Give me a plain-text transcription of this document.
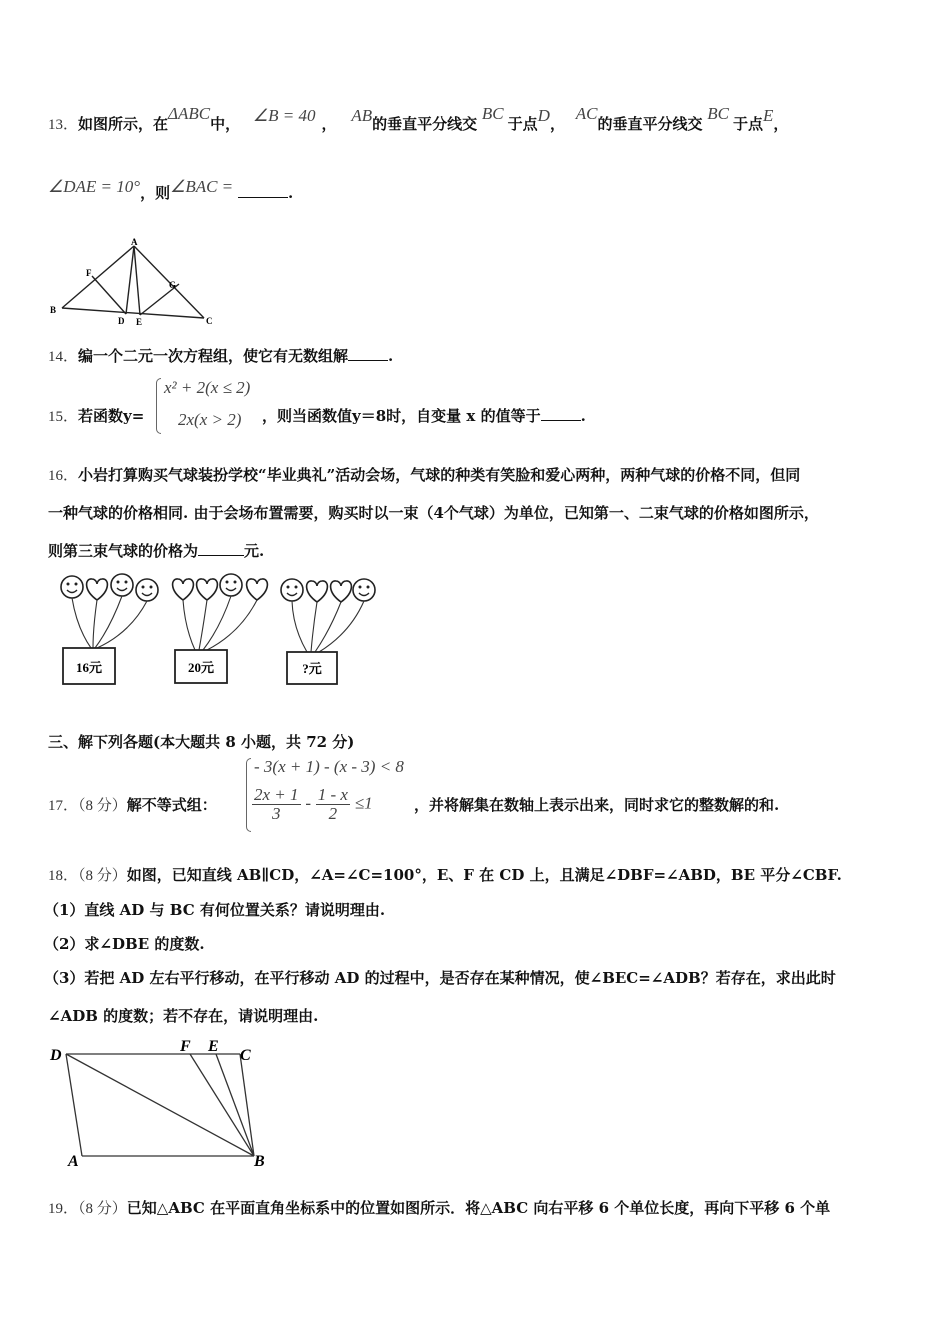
13．如图所示，在ΔABC中， ∠B = 40 ， AB的垂直平分线交 BC于点D， AC的垂直平分线交 BC于点E，
∠DAE = 10°，则∠BAC =	.
A
B
C
D E
F
G
14．编一个二元一次方程组，使它有无数组解	.
15．若函数y=
x² + 2(x ≤ 2)
2x(x > 2) ，则当函数值y＝8时，自变量 x 的值等于	.
16．小岩打算购买气球装扮学校“毕业典礼”活动会场，气球的种类有笑脸和爱心两种，两种气球的价格不同，但同
一种气球的价格相同. 由于会场布置需要，购买时以一束（4个气球）为单位，已知第一、二束气球的价格如图所示，
则第三束气球的价格为	元.
16元	20元	?元
三、解下列各题(本大题共 8 小题，共 72 分)
17．（8 分）解不等式组：
- 3(x + 1) - (x - 3) < 8
$\frac{2x + 1}{3} - \frac{1 - x}{2} \le 1$	，并将解集在数轴上表示出来，同时求它的整数解的和.
18．（8 分）如图，已知直线 AB∥CD，∠A=∠C=100°，E、F 在 CD 上，且满足∠DBF=∠ABD，BE 平分∠CBF.
（1）直线 AD 与 BC 有何位置关系？请说明理由.
（2）求∠DBE 的度数.
（3）若把 AD 左右平行移动，在平行移动 AD 的过程中，是否存在某种情况，使∠BEC=∠ADB？若存在，求出此时
∠ADB 的度数；若不存在，请说明理由.
D
F E
C
A	B
19．（8 分）已知△ABC 在平面直角坐标系中的位置如图所示．将△ABC 向右平移 6 个单位长度，再向下平移 6 个单
